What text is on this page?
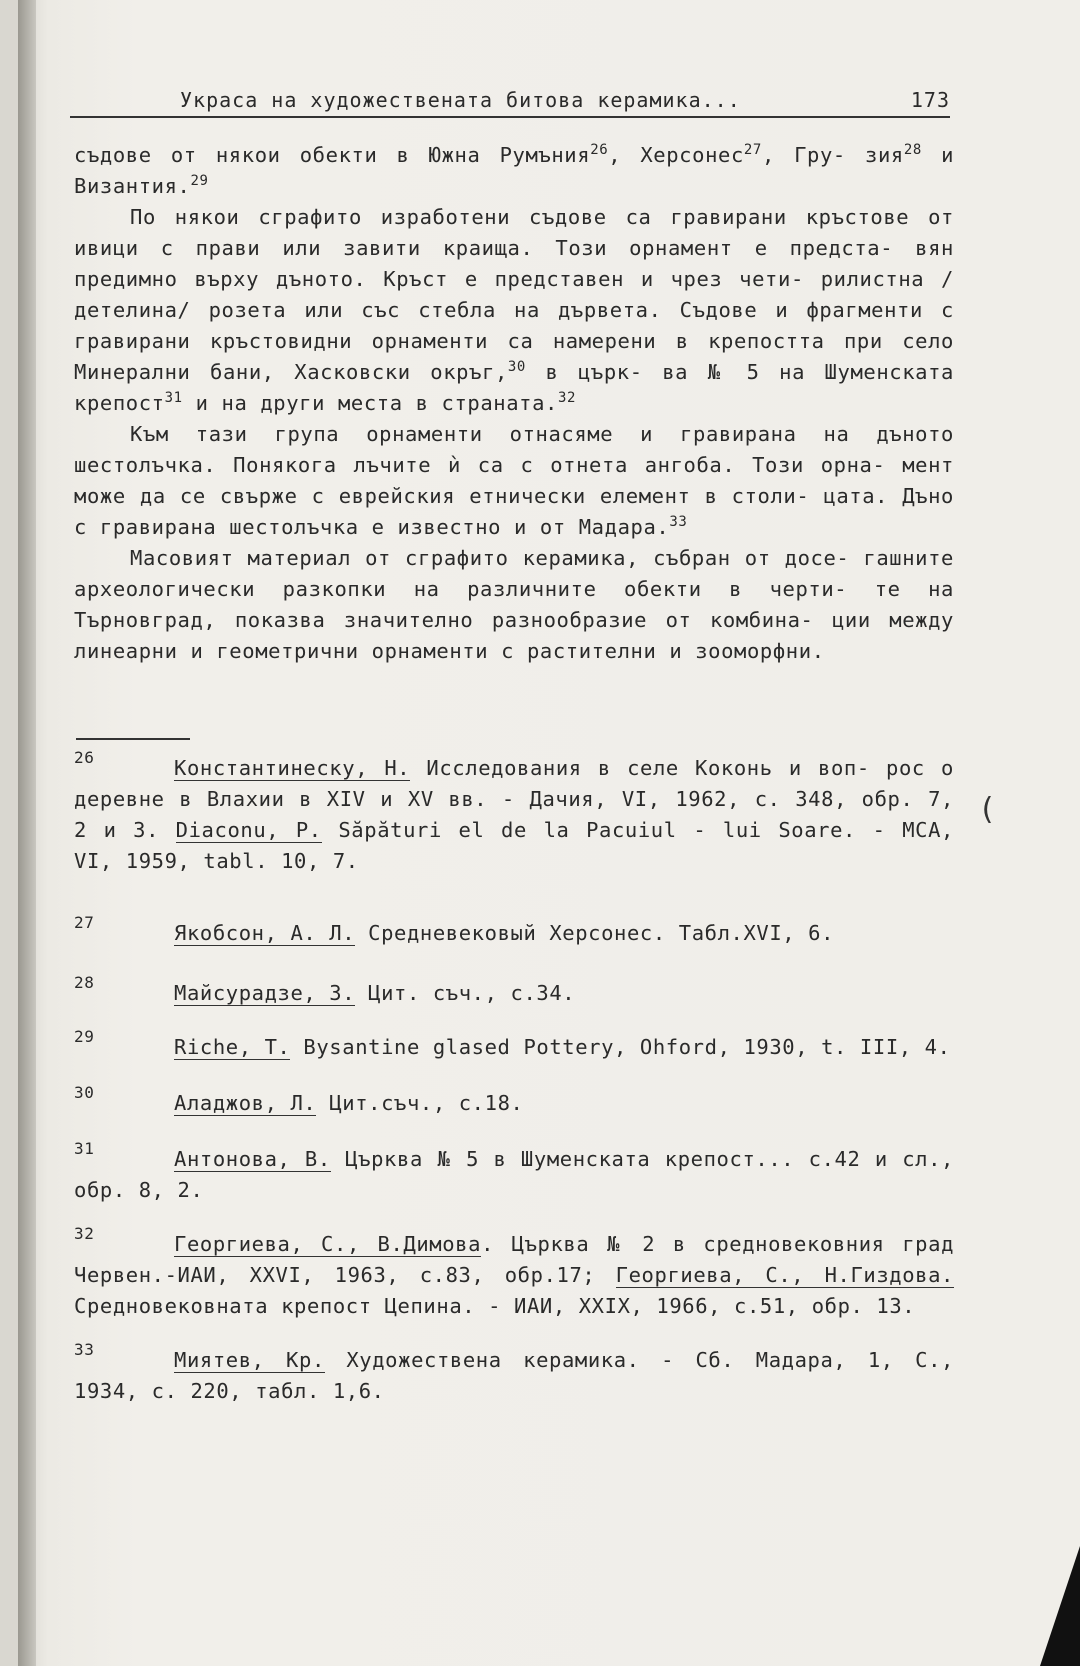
Украса на художествената битова керамика...	173

съдове от някои обекти в Южна Румъния$^{26}$, Херсонес$^{27}$, Гру- зия$^{28}$ и Византия.$^{29}$

По някои сграфито изработени съдове са гравирани кръстове от ивици с прави или завити краища. Този орнамент е предста- вян предимно върху дъното. Кръст е представен и чрез чети- рилистна /детелина/ розета или със стебла на дървета. Съдове и фрагменти с гравирани кръстовидни орнаменти са намерени в крепостта при село Минерални бани, Хасковски окръг,$^{30}$ в църк- ва № 5 на Шуменската крепост$^{31}$ и на други места в страната.$^{32}$

Към тази група орнаменти отнасяме и гравирана на дъното шестолъчка. Понякога лъчите ѝ са с отнета ангоба. Този орна- мент може да се свърже с еврейския етнически елемент в столи- цата. Дъно с гравирана шестолъчка е известно и от Мадара.$^{33}$

Масовият материал от сграфито керамика, събран от досе- гашните археологически разкопки на различните обекти в черти- те на Търновград, показва значително разнообразие от комбина- ции между линеарни и геометрични орнаменти с растителни и зооморфни.

26	Константинеску, Н. Исследования в селе Коконь и воп- рос о деревне в Влахии в XIV и XV вв. - Дачия, VI, 1962, с. 348, обр. 7, 2 и 3. Diaconu, P. Săpături el de la Pacuiul - lui Soare. - MCA, VI, 1959, tabl. 10, 7.

27	Якобсон, А. Л. Средневековый Херсонес. Табл.XVI, 6.

28	Майсурадзе, З. Цит. съч., с.34.

29	Riche, T. Bysantine glased Pottery, Ohford, 1930, t. III, 4.

30	Аладжов, Л. Цит.съч., с.18.

31	Антонова, В. Църква № 5 в Шуменската крепост... с.42 и сл., обр. 8, 2.

32	Георгиева, С., В.Димова. Църква № 2 в средновековния град Червен.-ИАИ, XXVI, 1963, с.83, обр.17; Георгиева, С., Н.Гиздова. Средновековната крепост Цепина. - ИАИ, XXIX, 1966, с.51, обр. 13.

33	Миятев, Кр. Художествена керамика. - Сб. Мадара, 1, С., 1934, с. 220, табл. 1,6.

(
